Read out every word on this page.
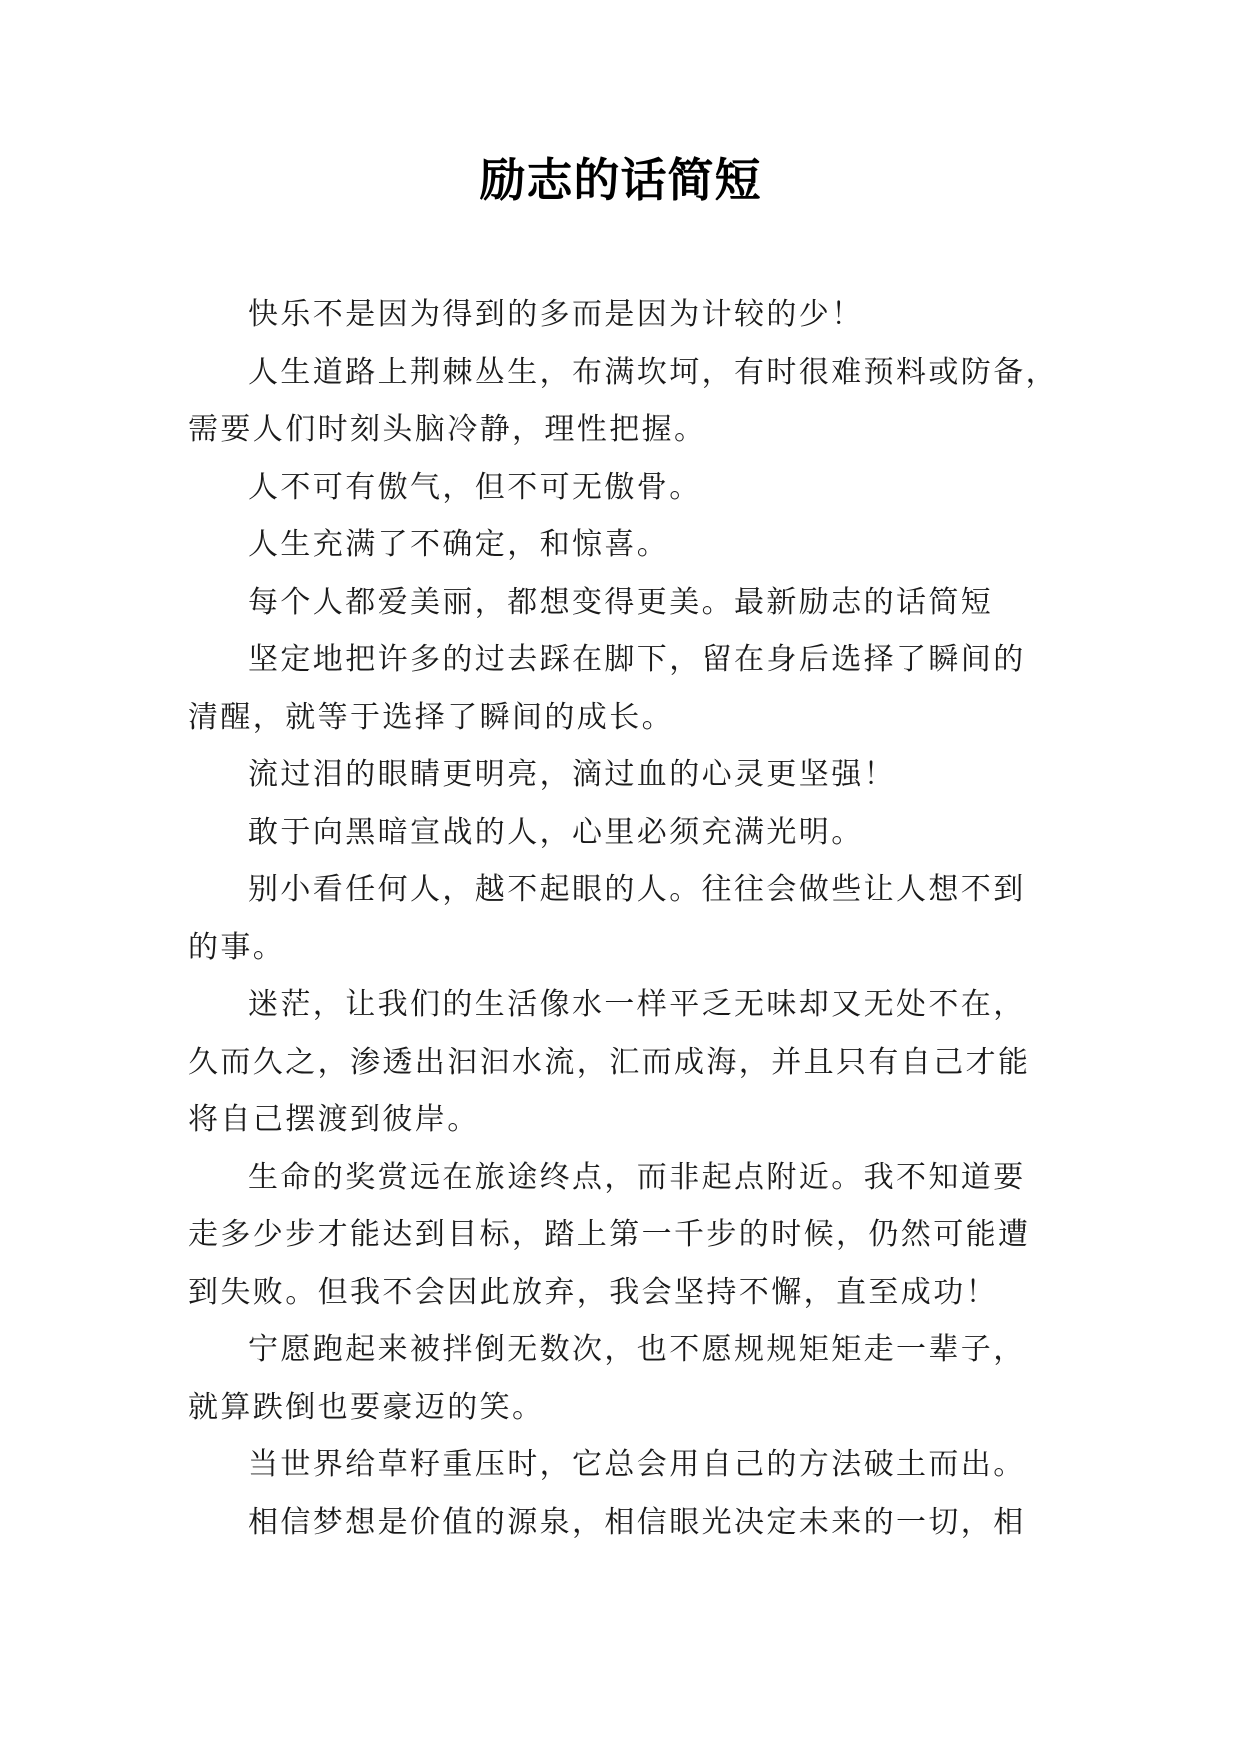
励志的话简短

快乐不是因为得到的多而是因为计较的少！

人生道路上荆棘丛生，布满坎坷，有时很难预料或防备，
需要人们时刻头脑冷静，理性把握。

人不可有傲气，但不可无傲骨。

人生充满了不确定，和惊喜。

每个人都爱美丽，都想变得更美。最新励志的话简短

坚定地把许多的过去踩在脚下，留在身后选择了瞬间的
清醒，就等于选择了瞬间的成长。

流过泪的眼睛更明亮，滴过血的心灵更坚强！

敢于向黑暗宣战的人，心里必须充满光明。

别小看任何人，越不起眼的人。往往会做些让人想不到
的事。

迷茫，让我们的生活像水一样平乏无味却又无处不在，
久而久之，渗透出汩汩水流，汇而成海，并且只有自己才能
将自己摆渡到彼岸。

生命的奖赏远在旅途终点，而非起点附近。我不知道要
走多少步才能达到目标，踏上第一千步的时候，仍然可能遭
到失败。但我不会因此放弃，我会坚持不懈，直至成功！

宁愿跑起来被拌倒无数次，也不愿规规矩矩走一辈子，
就算跌倒也要豪迈的笑。

当世界给草籽重压时，它总会用自己的方法破土而出。

相信梦想是价值的源泉，相信眼光决定未来的一切，相
